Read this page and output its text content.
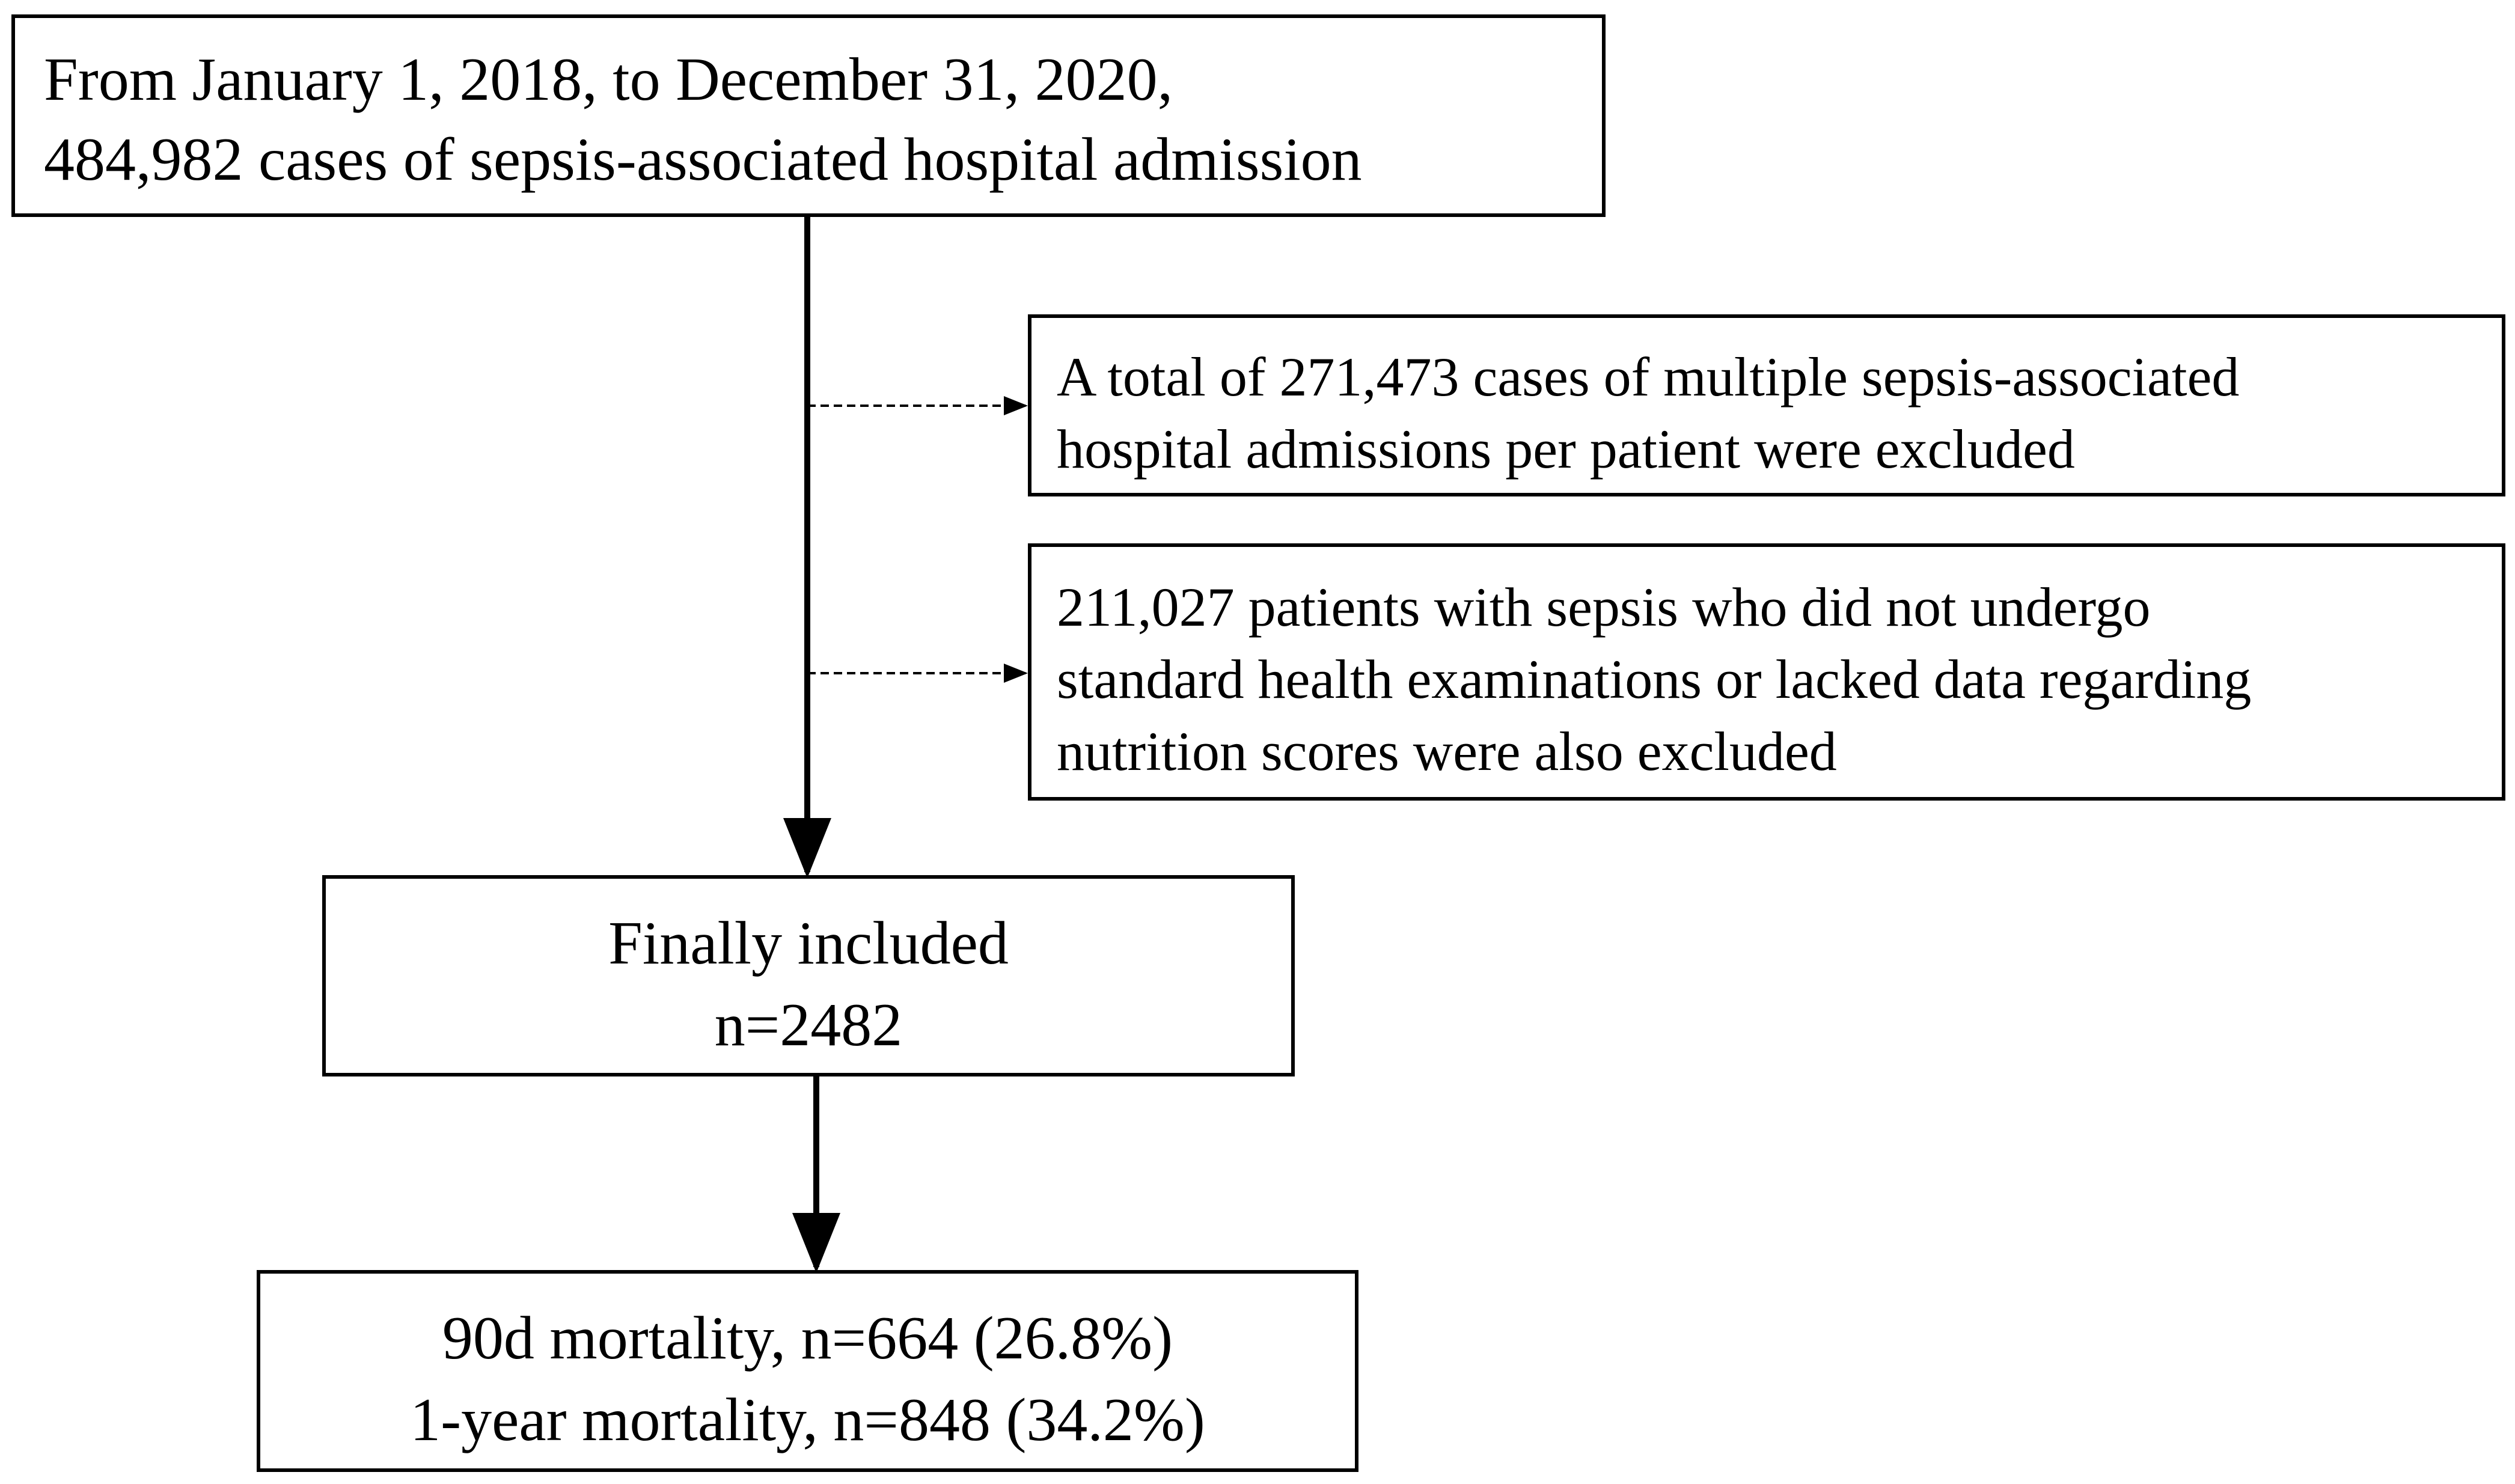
From January 1, 2018, to December 31, 2020,
484,982 cases of sepsis-associated hospital admission
A total of 271,473 cases of multiple sepsis-associated
hospital admissions per patient were excluded
211,027 patients with sepsis who did not undergo
standard health examinations or lacked data regarding
nutrition scores were also excluded
Finally included
n=2482
90d mortality, n=664 (26.8%)
1-year mortality, n=848 (34.2%)
